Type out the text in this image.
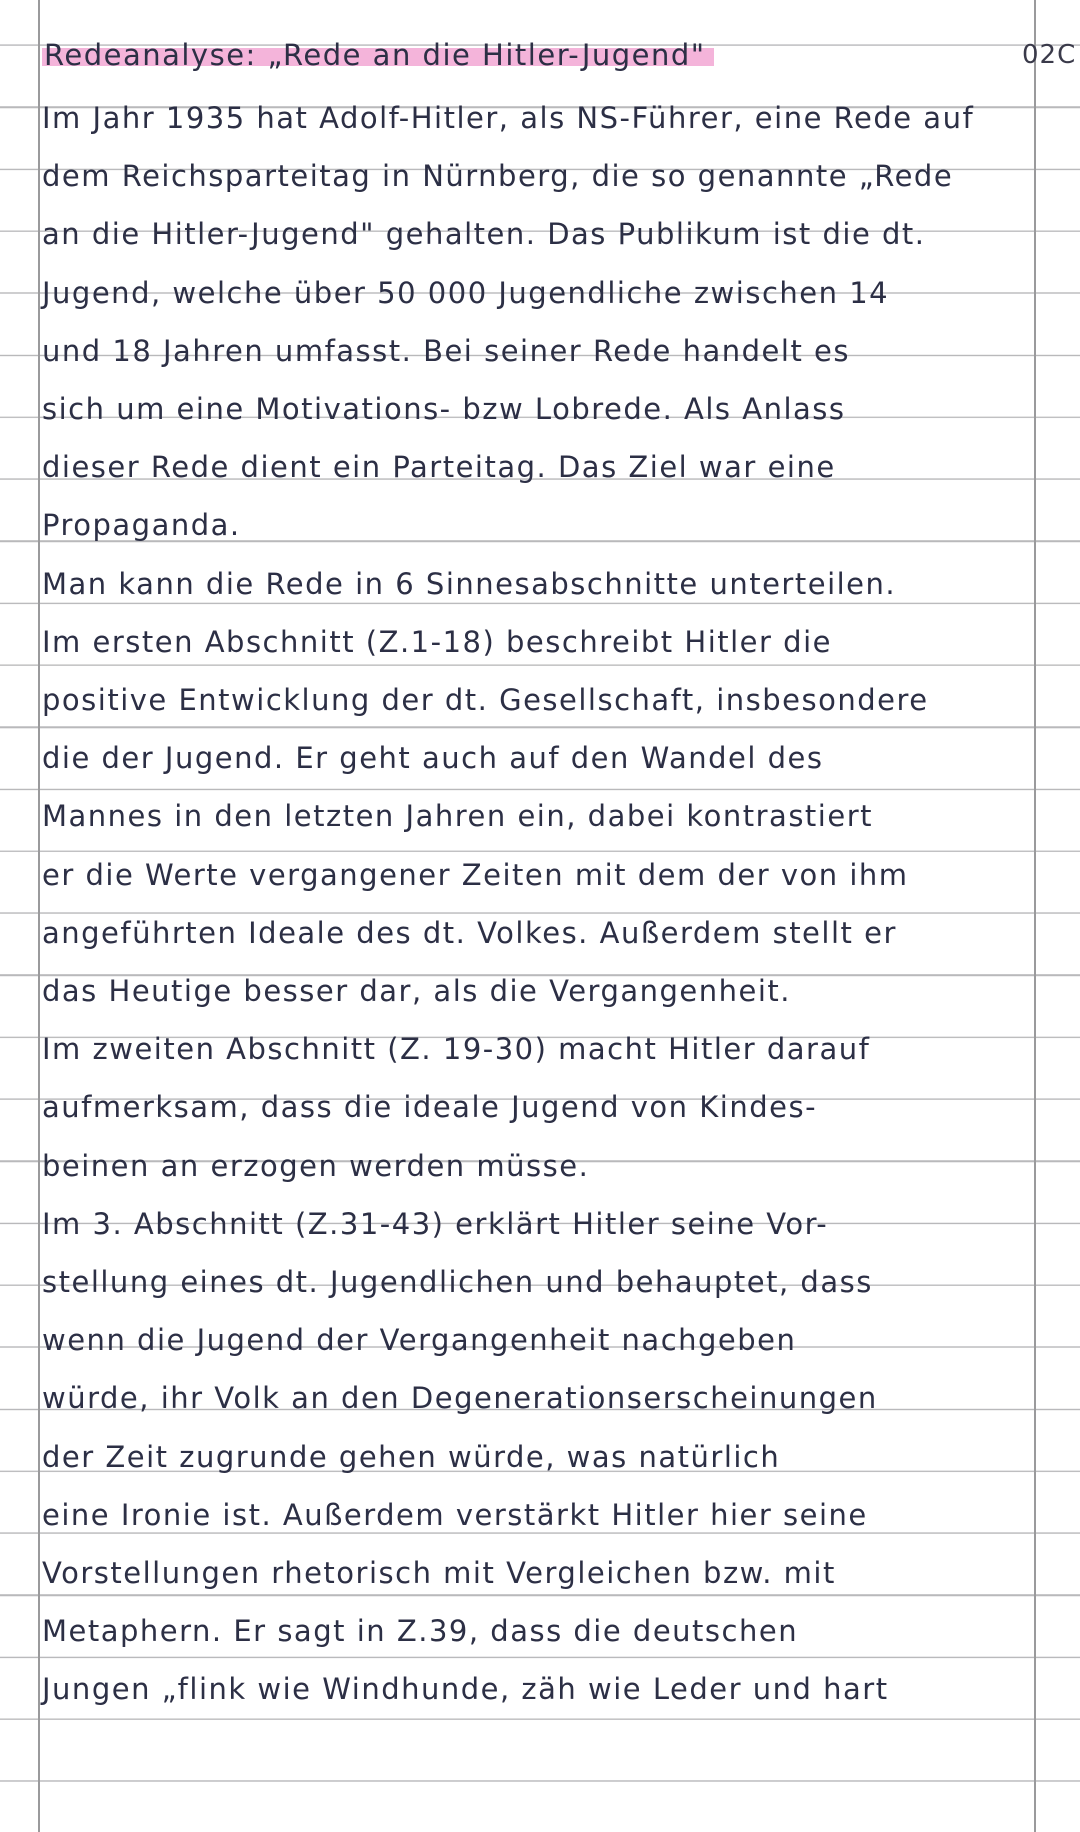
02C
Redeanalyse: „Rede an die Hitler-Jugend"
Im Jahr 1935 hat Adolf-Hitler, als NS-Führer, eine Rede auf
dem Reichsparteitag in Nürnberg, die so genannte „Rede
an die Hitler-Jugend" gehalten. Das Publikum ist die dt.
Jugend, welche über 50 000 Jugendliche zwischen 14
und 18 Jahren umfasst. Bei seiner Rede handelt es
sich um eine Motivations- bzw Lobrede. Als Anlass
dieser Rede dient ein Parteitag. Das Ziel war eine
Propaganda.
Man kann die Rede in 6 Sinnesabschnitte unterteilen.
Im ersten Abschnitt (Z.1-18) beschreibt Hitler die
positive Entwicklung der dt. Gesellschaft, insbesondere
die der Jugend. Er geht auch auf den Wandel des
Mannes in den letzten Jahren ein, dabei kontrastiert
er die Werte vergangener Zeiten mit dem der von ihm
angeführten Ideale des dt. Volkes. Außerdem stellt er
das Heutige besser dar, als die Vergangenheit.
Im zweiten Abschnitt (Z. 19-30) macht Hitler darauf
aufmerksam, dass die ideale Jugend von Kindes-
beinen an erzogen werden müsse.
Im 3. Abschnitt (Z.31-43) erklärt Hitler seine Vor-
stellung eines dt. Jugendlichen und behauptet, dass
wenn die Jugend der Vergangenheit nachgeben
würde, ihr Volk an den Degenerationserscheinungen
der Zeit zugrunde gehen würde, was natürlich
eine Ironie ist. Außerdem verstärkt Hitler hier seine
Vorstellungen rhetorisch mit Vergleichen bzw. mit
Metaphern. Er sagt in Z.39, dass die deutschen
Jungen „flink wie Windhunde, zäh wie Leder und hart
